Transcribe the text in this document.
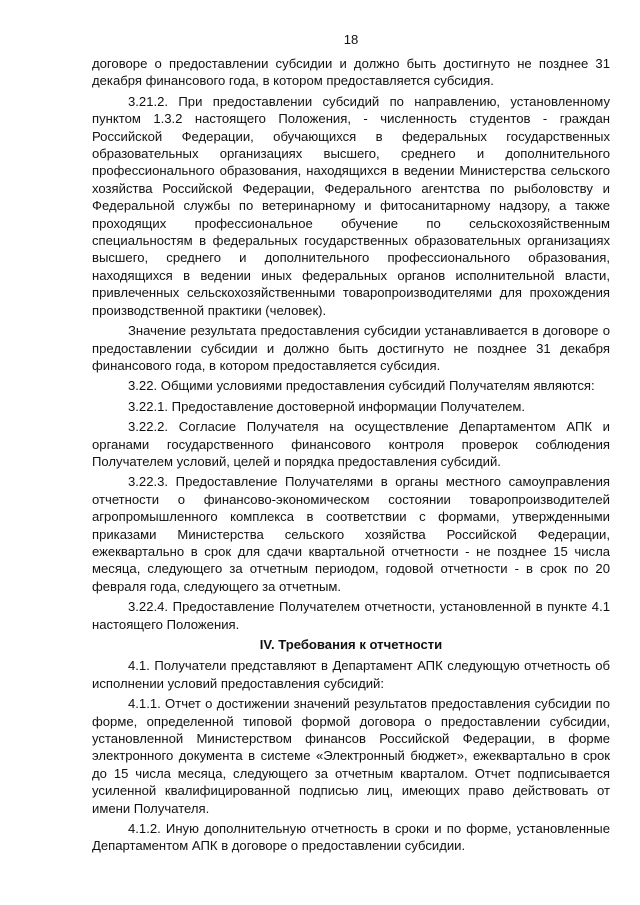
18

договоре о предоставлении субсидии и должно быть достигнуто не позднее 31 декабря финансового года, в котором предоставляется субсидия.

3.21.2. При предоставлении субсидий по направлению, установленному пунктом 1.3.2 настоящего Положения, - численность студентов - граждан Российской Федерации, обучающихся в федеральных государственных образовательных организациях высшего, среднего и дополнительного профессионального образования, находящихся в ведении Министерства сельского хозяйства Российской Федерации, Федерального агентства по рыболовству и Федеральной службы по ветеринарному и фитосанитарному надзору, а также проходящих профессиональное обучение по сельскохозяйственным специальностям в федеральных государственных образовательных организациях высшего, среднего и дополнительного профессионального образования, находящихся в ведении иных федеральных органов исполнительной власти, привлеченных сельскохозяйственными товаропроизводителями для прохождения производственной практики (человек).

Значение результата предоставления субсидии устанавливается в договоре о предоставлении субсидии и должно быть достигнуто не позднее 31 декабря финансового года, в котором предоставляется субсидия.

3.22. Общими условиями предоставления субсидий Получателям являются:

3.22.1. Предоставление достоверной информации Получателем.

3.22.2. Согласие Получателя на осуществление Департаментом АПК и органами государственного финансового контроля проверок соблюдения Получателем условий, целей и порядка предоставления субсидий.

3.22.3. Предоставление Получателями в органы местного самоуправления отчетности о финансово-экономическом состоянии товаропроизводителей агропромышленного комплекса в соответствии с формами, утвержденными приказами Министерства сельского хозяйства Российской Федерации, ежеквартально в срок для сдачи квартальной отчетности - не позднее 15 числа месяца, следующего за отчетным периодом, годовой отчетности - в срок по 20 февраля года, следующего за отчетным.

3.22.4. Предоставление Получателем отчетности, установленной в пункте 4.1 настоящего Положения.

IV. Требования к отчетности

4.1. Получатели представляют в Департамент АПК следующую отчетность об исполнении условий предоставления субсидий:

4.1.1. Отчет о достижении значений результатов предоставления субсидии по форме, определенной типовой формой договора о предоставлении субсидии, установленной Министерством финансов Российской Федерации, в форме электронного документа в системе «Электронный бюджет», ежеквартально в срок до 15 числа месяца, следующего за отчетным кварталом. Отчет подписывается усиленной квалифицированной подписью лиц, имеющих право действовать от имени Получателя.

4.1.2. Иную дополнительную отчетность в сроки и по форме, установленные Департаментом АПК в договоре о предоставлении субсидии.
